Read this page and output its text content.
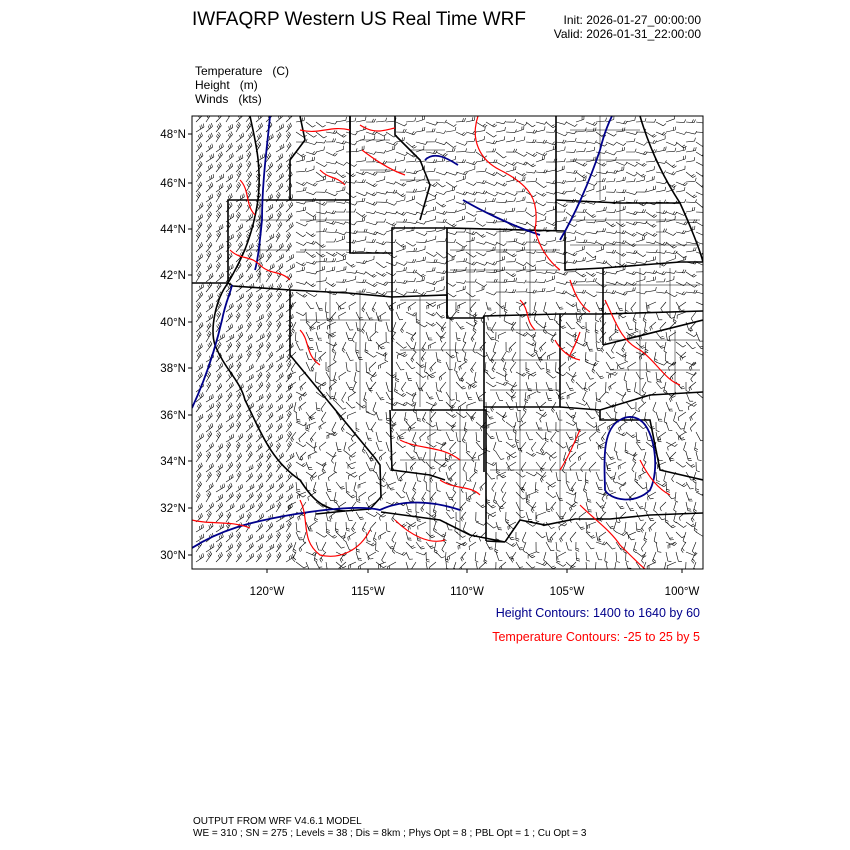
IWFAQRP Western US Real Time WRF	Init: 2026-01-27_00:00:00
Valid: 2026-01-31_22:00:00
Temperature (C)
Height (m)
Winds (kts)
48°N
46°N
44°N
42°N
40°N
38°N
36°N
34°N
32°N
30°N
120°W	115°W	110°W	105°W	100°W
Height Contours: 1400 to 1640 by 60
Temperature Contours: -25 to 25 by 5
OUTPUT FROM WRF V4.6.1 MODEL
WE = 310 ; SN = 275 ; Levels = 38 ; Dis = 8km ; Phys Opt = 8 ; PBL Opt = 1 ; Cu Opt = 3
